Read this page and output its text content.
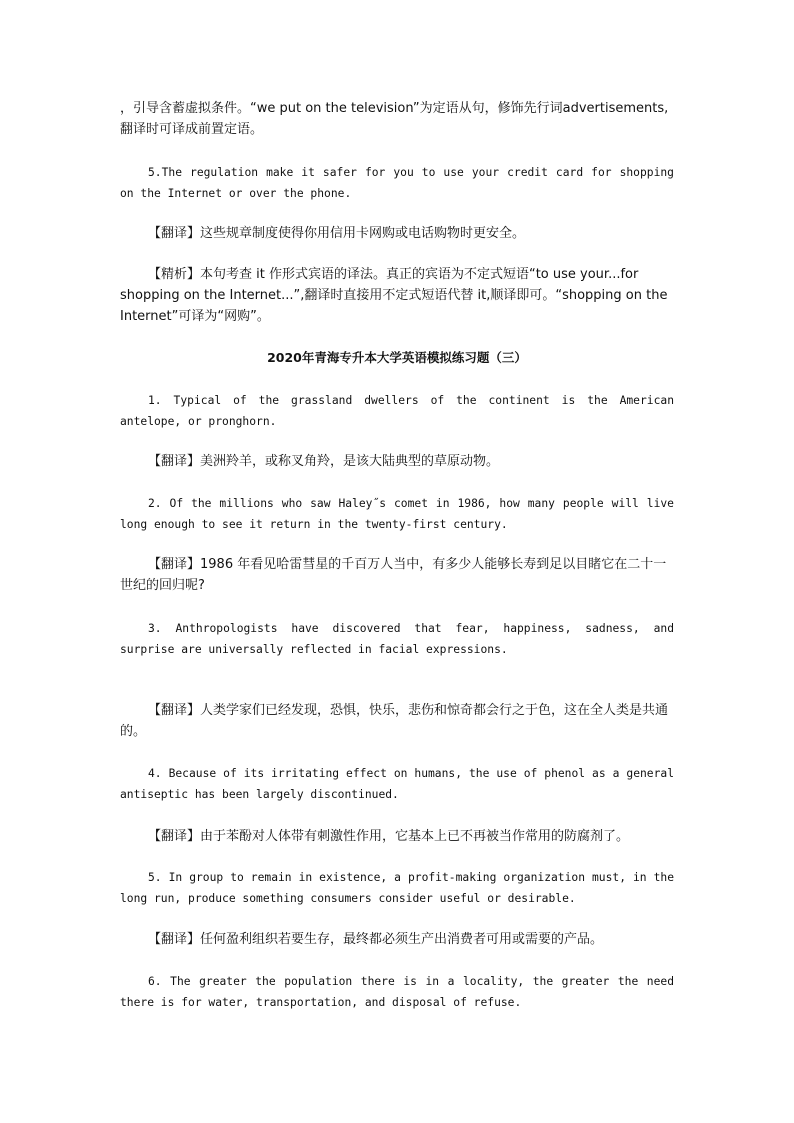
，引导含蓄虚拟条件。“we put on the television”为定语从句，修饰先行词advertisements,翻译时可译成前置定语。

5.The regulation make it safer for you to use your credit card for shopping on the Internet or over the phone.

【翻译】这些规章制度使得你用信用卡网购或电话购物时更安全。

【精析】本句考查 it 作形式宾语的译法。真正的宾语为不定式短语“to use your...for shopping on the Internet...”,翻译时直接用不定式短语代替 it,顺译即可。“shopping on the Internet”可译为“网购”。

2020年青海专升本大学英语模拟练习题（三）

1. Typical of the grassland dwellers of the continent is the American antelope, or pronghorn.

【翻译】美洲羚羊，或称叉角羚，是该大陆典型的草原动物。

2. Of the millions who saw Haley˝s comet in 1986, how many people will live long enough to see it return in the twenty-first century.

【翻译】1986 年看见哈雷彗星的千百万人当中，有多少人能够长寿到足以目睹它在二十一世纪的回归呢?

3. Anthropologists have discovered that fear, happiness, sadness, and surprise are universally reflected in facial expressions.

【翻译】人类学家们已经发现，恐惧，快乐，悲伤和惊奇都会行之于色，这在全人类是共通的。

4. Because of its irritating effect on humans, the use of phenol as a general antiseptic has been largely discontinued.

【翻译】由于苯酚对人体带有刺激性作用，它基本上已不再被当作常用的防腐剂了。

5. In group to remain in existence, a profit-making organization must, in the long run, produce something consumers consider useful or desirable.

【翻译】任何盈利组织若要生存，最终都必须生产出消费者可用或需要的产品。

6. The greater the population there is in a locality, the greater the need there is for water, transportation, and disposal of refuse.
